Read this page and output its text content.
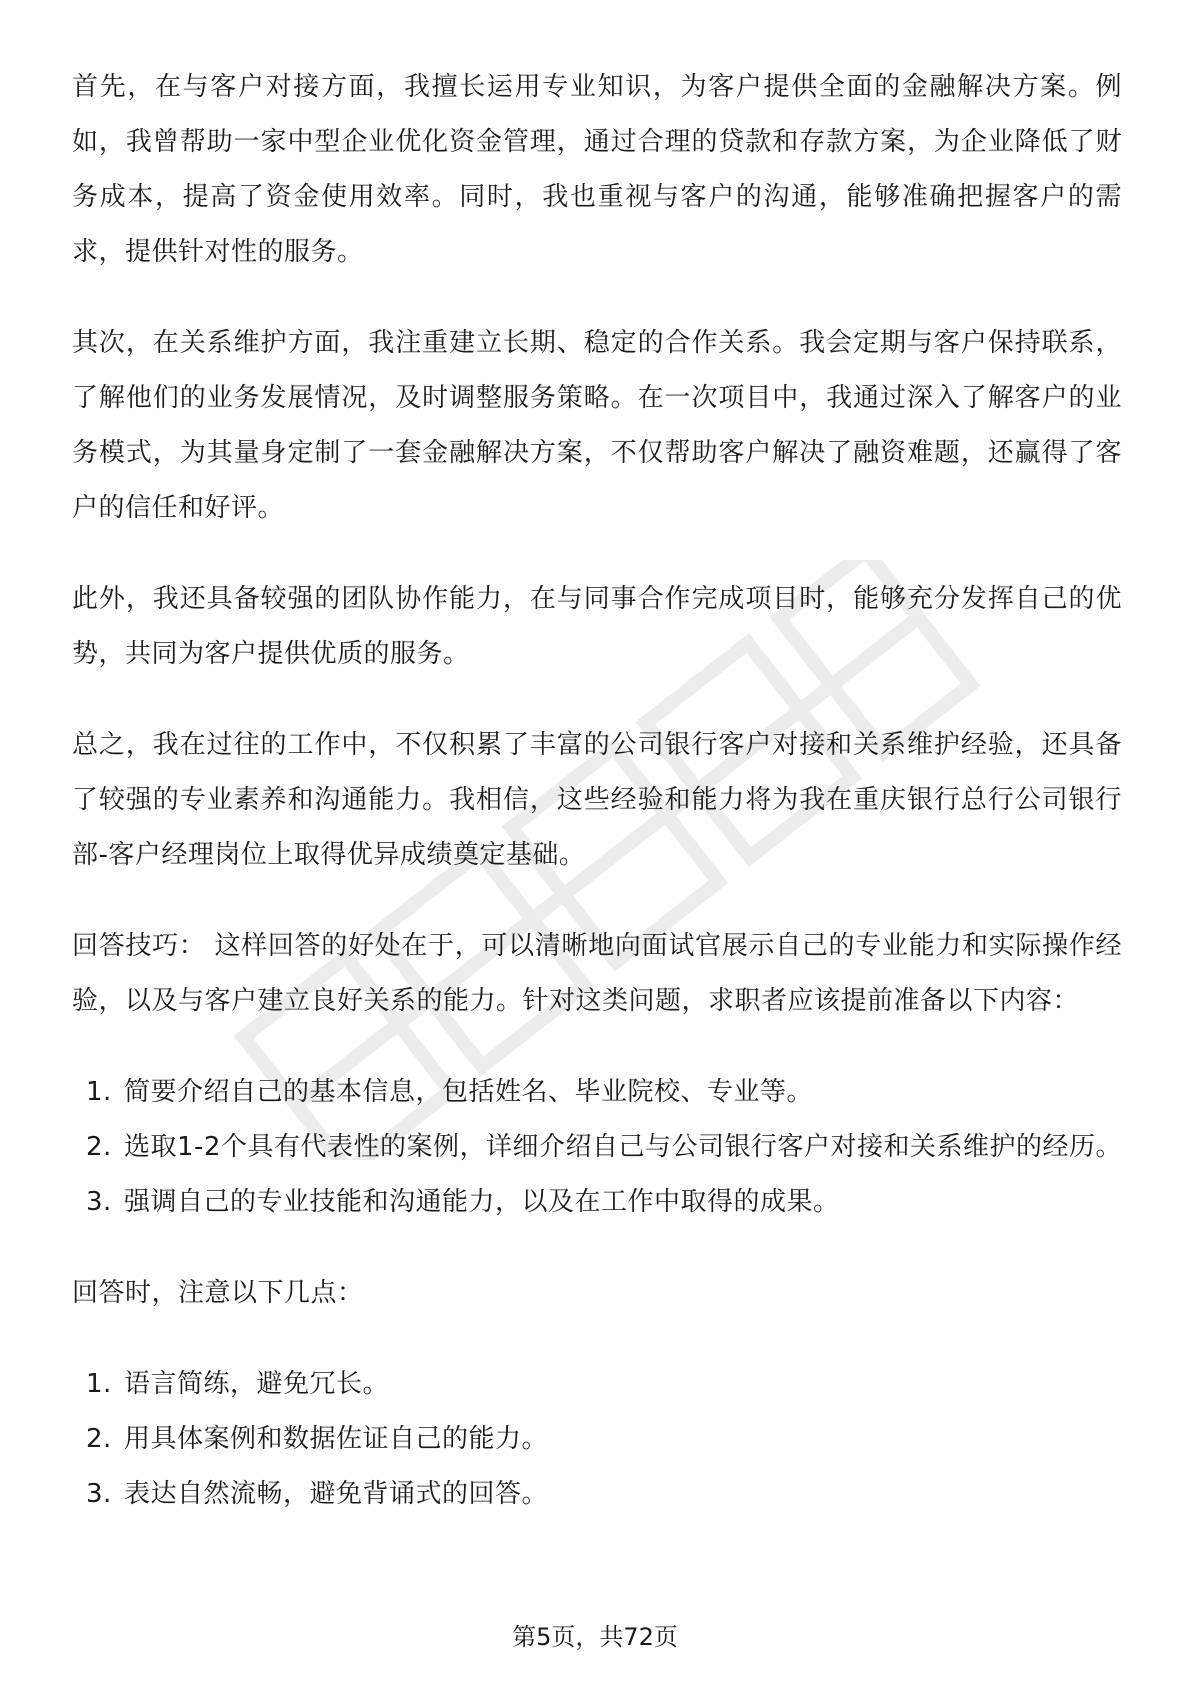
首先，在与客户对接方面，我擅长运用专业知识，为客户提供全面的金融解决方案。例如，我曾帮助一家中型企业优化资金管理，通过合理的贷款和存款方案，为企业降低了财务成本，提高了资金使用效率。同时，我也重视与客户的沟通，能够准确把握客户的需求，提供针对性的服务。

其次，在关系维护方面，我注重建立长期、稳定的合作关系。我会定期与客户保持联系，了解他们的业务发展情况，及时调整服务策略。在一次项目中，我通过深入了解客户的业务模式，为其量身定制了一套金融解决方案，不仅帮助客户解决了融资难题，还赢得了客户的信任和好评。

此外，我还具备较强的团队协作能力，在与同事合作完成项目时，能够充分发挥自己的优势，共同为客户提供优质的服务。

总之，我在过往的工作中，不仅积累了丰富的公司银行客户对接和关系维护经验，还具备了较强的专业素养和沟通能力。我相信，这些经验和能力将为我在重庆银行总行公司银行部-客户经理岗位上取得优异成绩奠定基础。

回答技巧： 这样回答的好处在于，可以清晰地向面试官展示自己的专业能力和实际操作经验，以及与客户建立良好关系的能力。针对这类问题，求职者应该提前准备以下内容：

1. 简要介绍自己的基本信息，包括姓名、毕业院校、专业等。
2. 选取1-2个具有代表性的案例，详细介绍自己与公司银行客户对接和关系维护的经历。
3. 强调自己的专业技能和沟通能力，以及在工作中取得的成果。

回答时，注意以下几点：

1. 语言简练，避免冗长。
2. 用具体案例和数据佐证自己的能力。
3. 表达自然流畅，避免背诵式的回答。
第5页，共72页
